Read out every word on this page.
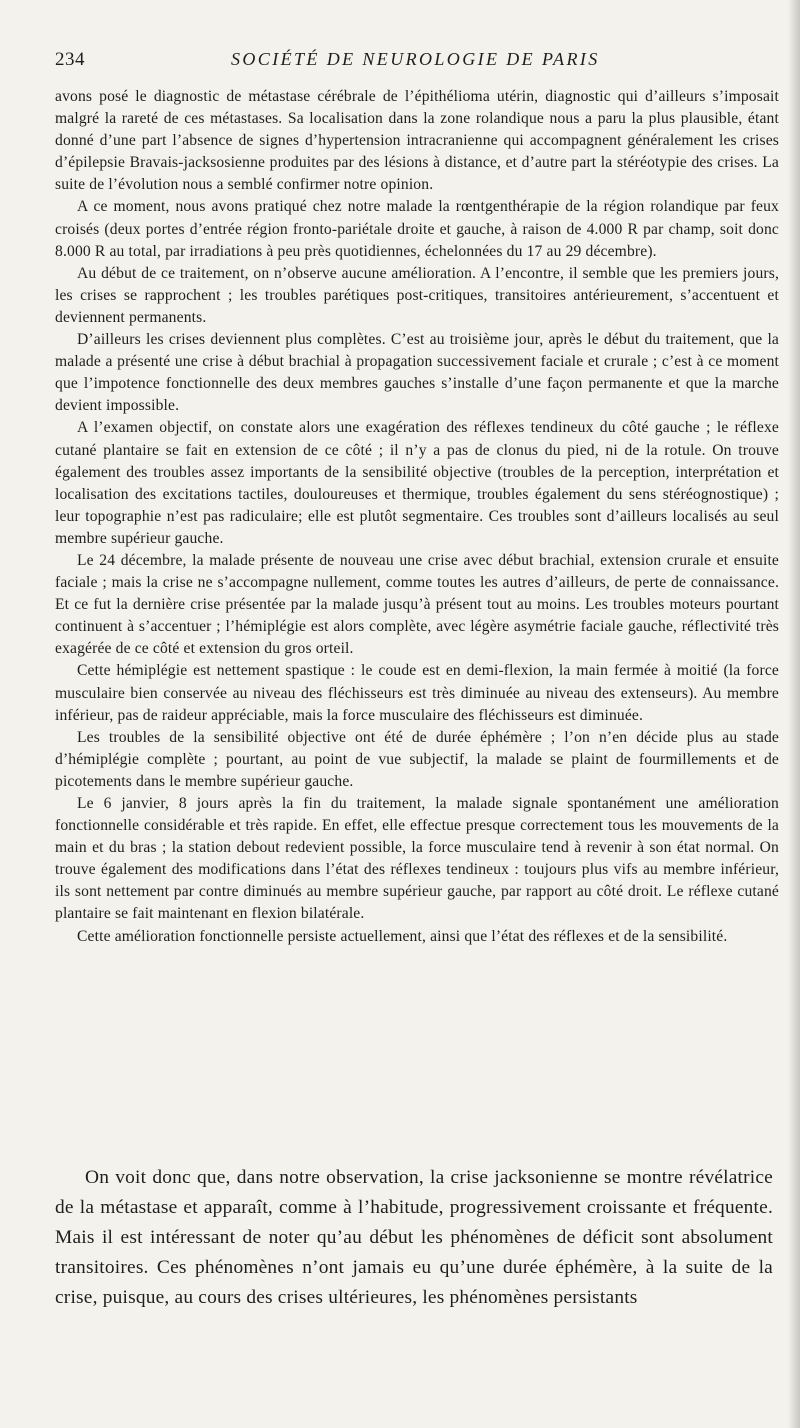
234	SOCIÉTÉ DE NEUROLOGIE DE PARIS

avons posé le diagnostic de métastase cérébrale de l’épithélioma utérin, diagnostic qui d’ailleurs s’imposait malgré la rareté de ces métastases. Sa localisation dans la zone rolandique nous a paru la plus plausible, étant donné d’une part l’absence de signes d’hypertension intracranienne qui accompagnent généralement les crises d’épilepsie Bravais-jacksosienne produites par des lésions à distance, et d’autre part la stéréotypie des crises. La suite de l’évolution nous a semblé confirmer notre opinion.

A ce moment, nous avons pratiqué chez notre malade la rœntgenthérapie de la région rolandique par feux croisés (deux portes d’entrée région fronto-pariétale droite et gauche, à raison de 4.000 R par champ, soit donc 8.000 R au total, par irradiations à peu près quotidiennes, échelonnées du 17 au 29 décembre).

Au début de ce traitement, on n’observe aucune amélioration. A l’encontre, il semble que les premiers jours, les crises se rapprochent ; les troubles parétiques post-critiques, transitoires antérieurement, s’accentuent et deviennent permanents.

D’ailleurs les crises deviennent plus complètes. C’est au troisième jour, après le début du traitement, que la malade a présenté une crise à début brachial à propagation successivement faciale et crurale ; c’est à ce moment que l’impotence fonctionnelle des deux membres gauches s’installe d’une façon permanente et que la marche devient impossible.

A l’examen objectif, on constate alors une exagération des réflexes tendineux du côté gauche ; le réflexe cutané plantaire se fait en extension de ce côté ; il n’y a pas de clonus du pied, ni de la rotule. On trouve également des troubles assez importants de la sensibilité objective (troubles de la perception, interprétation et localisation des excitations tactiles, douloureuses et thermique, troubles également du sens stéréognostique) ; leur topographie n’est pas radiculaire; elle est plutôt segmentaire. Ces troubles sont d’ailleurs localisés au seul membre supérieur gauche.

Le 24 décembre, la malade présente de nouveau une crise avec début brachial, extension crurale et ensuite faciale ; mais la crise ne s’accompagne nullement, comme toutes les autres d’ailleurs, de perte de connaissance. Et ce fut la dernière crise présentée par la malade jusqu’à présent tout au moins. Les troubles moteurs pourtant continuent à s’accentuer ; l’hémiplégie est alors complète, avec légère asymétrie faciale gauche, réflectivité très exagérée de ce côté et extension du gros orteil.

Cette hémiplégie est nettement spastique : le coude est en demi-flexion, la main fermée à moitié (la force musculaire bien conservée au niveau des fléchisseurs est très diminuée au niveau des extenseurs). Au membre inférieur, pas de raideur appréciable, mais la force musculaire des fléchisseurs est diminuée.

Les troubles de la sensibilité objective ont été de durée éphémère ; l’on n’en décide plus au stade d’hémiplégie complète ; pourtant, au point de vue subjectif, la malade se plaint de fourmillements et de picotements dans le membre supérieur gauche.

Le 6 janvier, 8 jours après la fin du traitement, la malade signale spontanément une amélioration fonctionnelle considérable et très rapide. En effet, elle effectue presque correctement tous les mouvements de la main et du bras ; la station debout redevient possible, la force musculaire tend à revenir à son état normal. On trouve également des modifications dans l’état des réflexes tendineux : toujours plus vifs au membre inférieur, ils sont nettement par contre diminués au membre supérieur gauche, par rapport au côté droit. Le réflexe cutané plantaire se fait maintenant en flexion bilatérale.

Cette amélioration fonctionnelle persiste actuellement, ainsi que l’état des réflexes et de la sensibilité.

On voit donc que, dans notre observation, la crise jacksonienne se montre révélatrice de la métastase et apparaît, comme à l’habitude, progressivement croissante et fréquente. Mais il est intéressant de noter qu’au début les phénomènes de déficit sont absolument transitoires. Ces phénomènes n’ont jamais eu qu’une durée éphémère, à la suite de la crise, puisque, au cours des crises ultérieures, les phénomènes persistants
